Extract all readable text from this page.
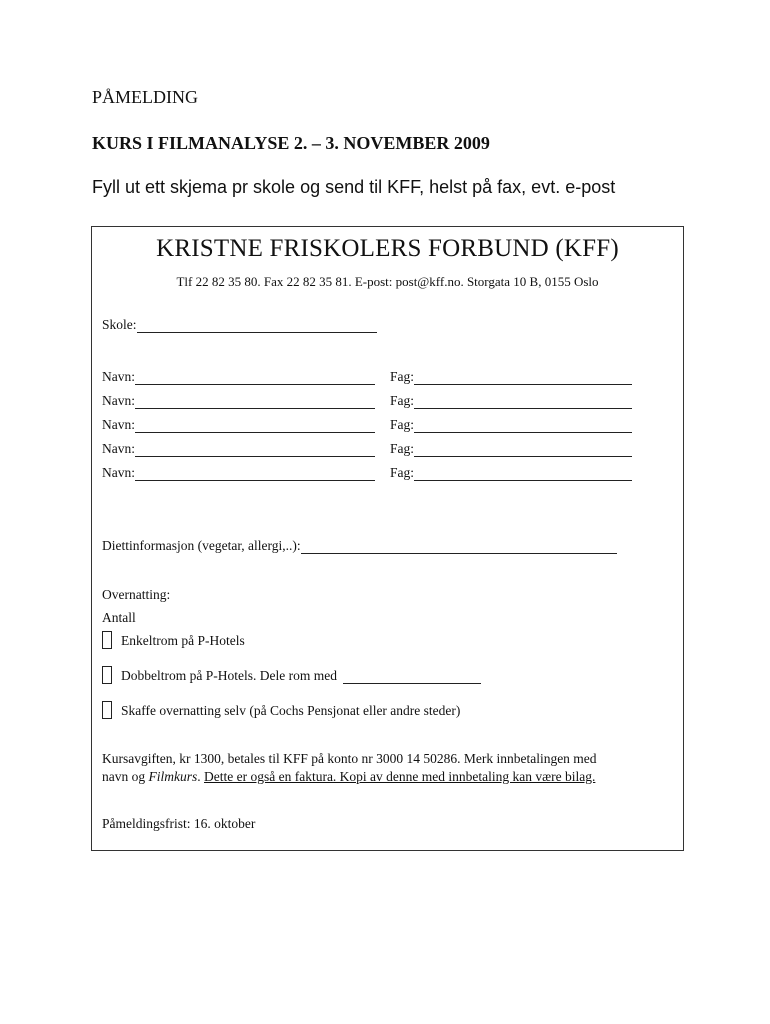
PÅMELDING
KURS I FILMANALYSE 2. – 3. NOVEMBER 2009
Fyll ut ett skjema pr skole og send til KFF, helst på fax, evt. e-post
KRISTNE FRISKOLERS FORBUND (KFF)
Tlf 22 82 35 80. Fax 22 82 35 81. E-post: post@kff.no. Storgata 10 B, 0155 Oslo
Skole:
Navn:	Fag:
Navn:	Fag:
Navn:	Fag:
Navn:	Fag:
Navn:	Fag:
Diettinformasjon (vegetar, allergi,..):
Overnatting:
Antall
Enkeltrom på P-Hotels
Dobbeltrom på P-Hotels. Dele rom med
Skaffe overnatting selv (på Cochs Pensjonat eller andre steder)
Kursavgiften, kr 1300, betales til KFF på konto nr 3000 14 50286. Merk innbetalingen med
navn og Filmkurs. Dette er også en faktura. Kopi av denne med innbetaling kan være bilag.
Påmeldingsfrist: 16. oktober
